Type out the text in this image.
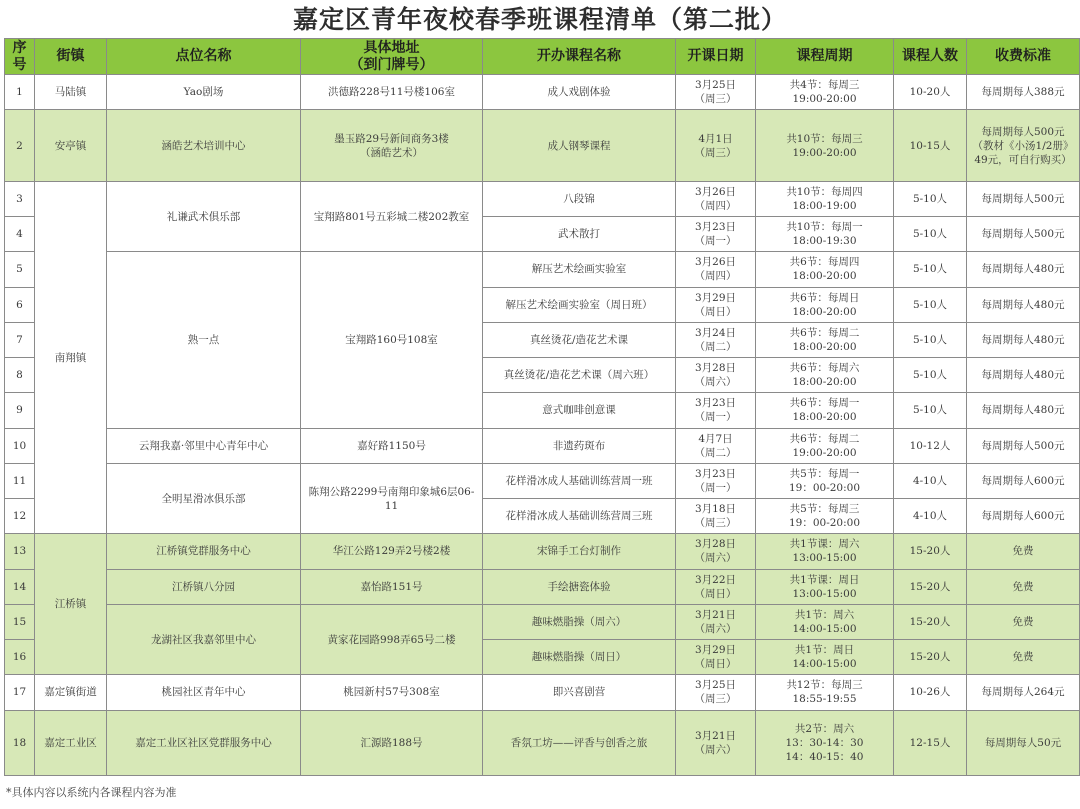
嘉定区青年夜校春季班课程清单（第二批）
序
号	街镇	点位名称	具体地址
（到门牌号）	开办课程名称	开课日期	课程周期	课程人数	收费标准
1	马陆镇	Yao剧场	洪德路228号11号楼106室	成人戏剧体验	3月25日
（周三）	共4节：每周三
19:00-20:00	10-20人	每周期每人388元
2	安亭镇	涵皓艺术培训中心	墨玉路29号新间商务3楼
（涵皓艺术）	成人钢琴课程	4月1日
（周三）	共10节：每周三
19:00-20:00	10-15人	每周期每人500元
（教材《小汤1/2册》
49元，可自行购买）
3	南翔镇	礼谦武术俱乐部	宝翔路801号五彩城二楼202教室	八段锦	3月26日
（周四）	共10节：每周四
18:00-19:00	5-10人	每周期每人500元
4				武术散打	3月23日
（周一）	共10节：每周一
18:00-19:30	5-10人	每周期每人500元
5		熟一点	宝翔路160号108室	解压艺术绘画实验室	3月26日
（周四）	共6节：每周四
18:00-20:00	5-10人	每周期每人480元
6				解压艺术绘画实验室（周日班）	3月29日
（周日）	共6节：每周日
18:00-20:00	5-10人	每周期每人480元
7				真丝烫花/造花艺术课	3月24日
（周二）	共6节：每周二
18:00-20:00	5-10人	每周期每人480元
8				真丝烫花/造花艺术课（周六班）	3月28日
（周六）	共6节：每周六
18:00-20:00	5-10人	每周期每人480元
9				意式咖啡创意课	3月23日
（周一）	共6节：每周一
18:00-20:00	5-10人	每周期每人480元
10		云翔我嘉·邻里中心青年中心	嘉好路1150号	非遗药斑布	4月7日
（周二）	共6节：每周二
19:00-20:00	10-12人	每周期每人500元
11		全明星滑冰俱乐部	陈翔公路2299号南翔印象城6层06-11	花样滑冰成人基础训练营周一班	3月23日
（周一）	共5节：每周一
19：00-20:00	4-10人	每周期每人600元
12				花样滑冰成人基础训练营周三班	3月18日
（周三）	共5节：每周三
19：00-20:00	4-10人	每周期每人600元
13	江桥镇	江桥镇党群服务中心	华江公路129弄2号楼2楼	宋锦手工台灯制作	3月28日
（周六）	共1节课：周六
13:00-15:00	15-20人	免费
14		江桥镇八分园	嘉怡路151号	手绘搪瓷体验	3月22日
（周日）	共1节课：周日
13:00-15:00	15-20人	免费
15		龙湖社区我嘉邻里中心	黄家花园路998弄65号二楼	趣味燃脂操（周六）	3月21日
（周六）	共1节：周六
14:00-15:00	15-20人	免费
16				趣味燃脂操（周日）	3月29日
（周日）	共1节：周日
14:00-15:00	15-20人	免费
17	嘉定镇街道	桃园社区青年中心	桃园新村57号308室	即兴喜剧营	3月25日
（周三）	共12节：每周三
18:55-19:55	10-26人	每周期每人264元
18	嘉定工业区	嘉定工业区社区党群服务中心	汇源路188号	香氛工坊——评香与创香之旅	3月21日
（周六）	共2节：周六
13：30-14：30
14：40-15：40	12-15人	每周期每人50元
*具体内容以系统内各课程内容为准
